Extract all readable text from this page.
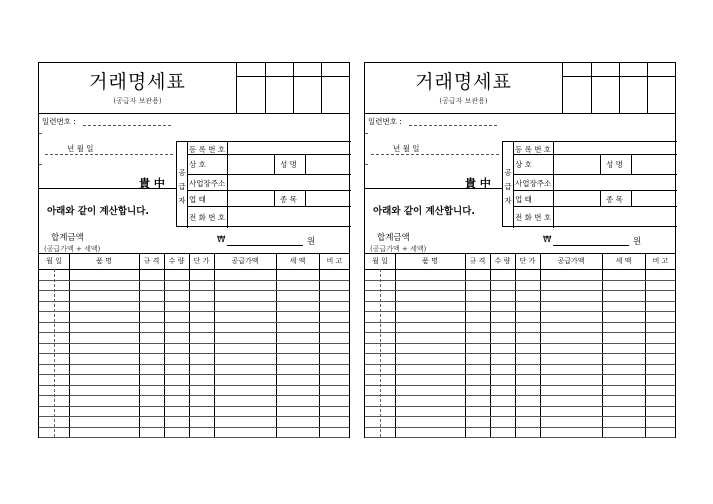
거래명세표
(공급자 보관용)
일련번호 :
년 월 일
貴 中
공
급
자
등 록 번 호
상 호	성 명
사업장주소
업 태	종 목
전 화 번 호
아래와 같이 계산합니다.
합계금액
(공급가액 + 세액)
₩	원
월 일	품 명	규 격	수 량	단 가	공급가액	세 액	비 고
거래명세표
(공급자 보관용)
일련번호 :
년 월 일
貴 中
공
급
자
등 록 번 호
상 호	성 명
사업장주소
업 태	종 목
전 화 번 호
아래와 같이 계산합니다.
합계금액
(공급가액 + 세액)
₩	원
월 일	품 명	규 격	수 량	단 가	공급가액	세 액	비 고
